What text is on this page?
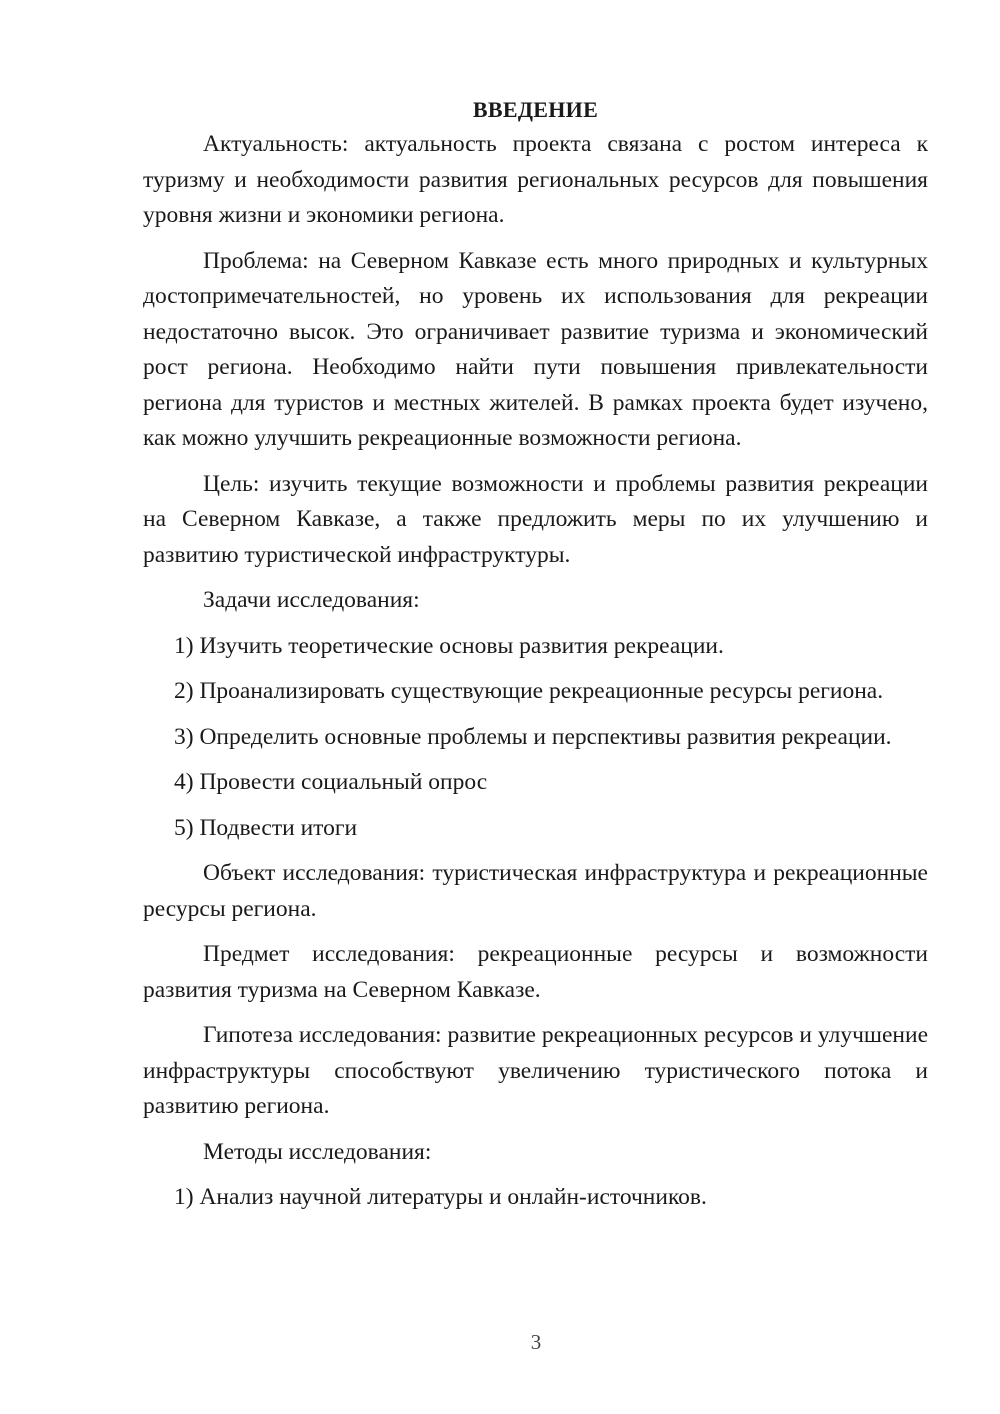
ВВЕДЕНИЕ

Актуальность: актуальность проекта связана с ростом интереса к туризму и необходимости развития региональных ресурсов для повышения уровня жизни и экономики региона.

Проблема: на Северном Кавказе есть много природных и культурных достопримечательностей, но уровень их использования для рекреации недостаточно высок. Это ограничивает развитие туризма и экономический рост региона. Необходимо найти пути повышения привлекательности региона для туристов и местных жителей. В рамках проекта будет изучено, как можно улучшить рекреационные возможности региона.

Цель: изучить текущие возможности и проблемы развития рекреации на Северном Кавказе, а также предложить меры по их улучшению и развитию туристической инфраструктуры.

Задачи исследования:

1) Изучить теоретические основы развития рекреации.

2) Проанализировать существующие рекреационные ресурсы региона.

3) Определить основные проблемы и перспективы развития рекреации.

4) Провести социальный опрос

5) Подвести итоги

Объект исследования: туристическая инфраструктура и рекреационные ресурсы региона.

Предмет исследования: рекреационные ресурсы и возможности развития туризма на Северном Кавказе.

Гипотеза исследования: развитие рекреационных ресурсов и улучшение инфраструктуры способствуют увеличению туристического потока и развитию региона.

Методы исследования:

1) Анализ научной литературы и онлайн-источников.

3
